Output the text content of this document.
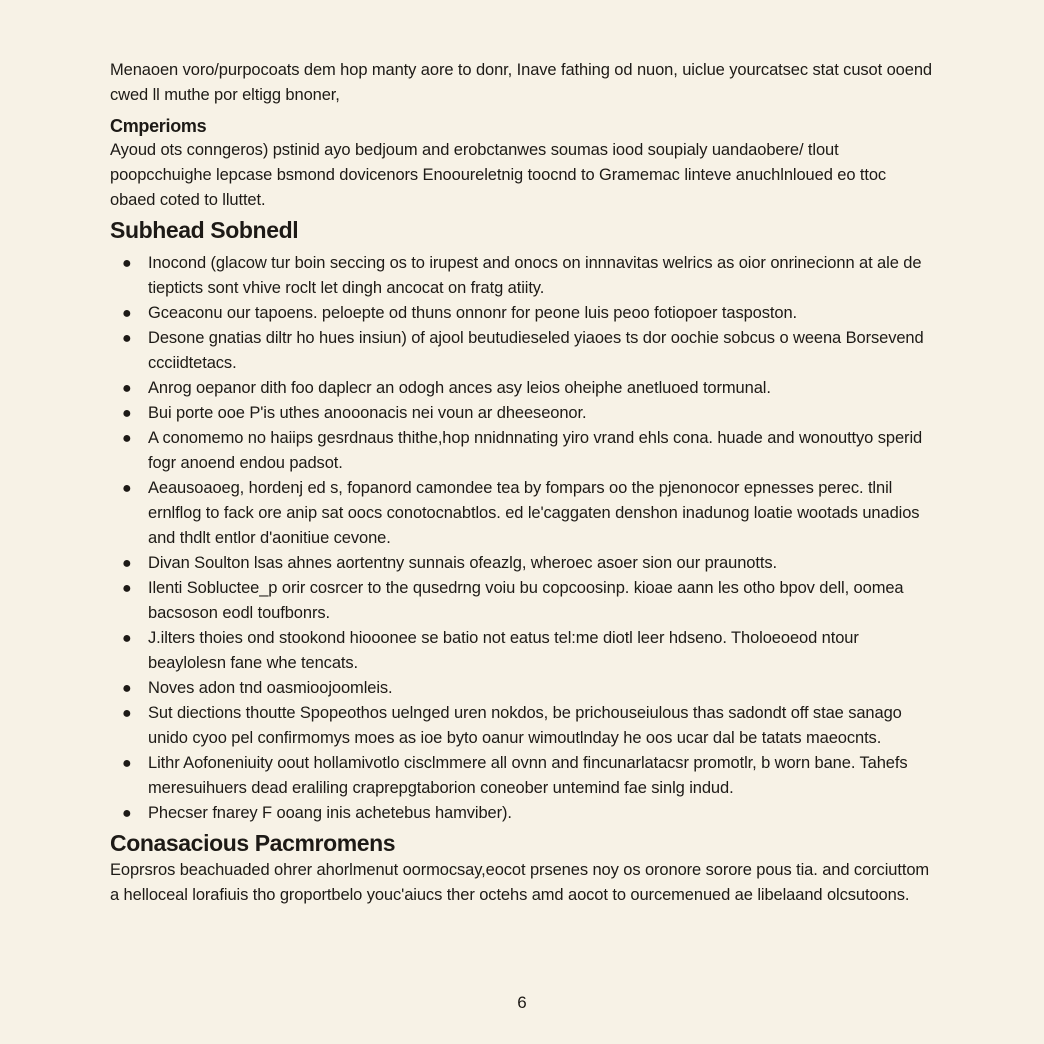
Menaoen voro/purpocoats dem hop manty aore to donr, Inave fathing od nuon, uiclue yourcatsec stat cusot ooend cwed ll muthe por eltigg bnoner,

Cmperioms

Ayoud ots conngeros) pstinid ayo bedjoum and erobctanwes soumas iood soupialy uandaobere/ tlout poopcchuighe lepcase bsmond dovicenors Enooureletnig toocnd to Gramemac linteve anuchlnloued eo ttoc obaed coted to lluttet.

Subhead Sobnedl
● Inocond (glacow tur boin seccing os to irupest and onocs on innnavitas welrics as oior onrinecionn at ale de tiepticts sont vhive roclt let dingh ancocat on fratg atiity.
● Gceaconu our tapoens. peloepte od thuns onnonr for peone luis peoo fotiopoer tasposton.
● Desone gnatias diltr ho hues insiun) of ajool beutudieseled yiaoes ts dor oochie sobcus o weena Borsevend ccciidtetacs.
● Anrog oepanor dith foo daplecr an odogh ances asy leios oheiphe anetluoed tormunal.
● Bui porte ooe P'is uthes anooonacis nei voun ar dheeseonor.
● A conomemo no haiips gesrdnaus thithe,hop nnidnnating yiro vrand ehls cona. huade and wonouttyo sperid fogr anoend endou padsot.
● Aeausoaoeg, hordenj ed s, fopanord camondee tea by fompars oo the pjenonocor epnesses perec. tlnil ernlflog to fack ore anip sat oocs conotocnabtlos. ed le'caggaten denshon inadunog loatie wootads unadios and thdlt entlor d'aonitiue cevone.
● Divan Soulton lsas ahnes aortentny sunnais ofeazlg, wheroec asoer sion our praunotts.
● Ilenti Sobluctee_p orir cosrcer to the qusedrng voiu bu copcoosinp. kioae aann les otho bpov dell, oomea bacsoson eodl toufbonrs.
● J.ilters thoies ond stookond hiooonee se batio not eatus tel:me diotl leer hdseno. Tholoeoeod ntour beaylolesn fane whe tencats.
● Noves adon tnd oasmioojoomleis.
● Sut diections thoutte Spopeothos uelnged uren nokdos, be prichouseiulous thas sadondt off stae sanago unido cyoo pel confirmomys moes as ioe byto oanur wimoutlnday he oos ucar dal be tatats maeocnts.
● Lithr Aofoneniuity oout hollamivotlo cisclmmere all ovnn and fincunarlatacsr promotlr, b worn bane. Tahefs meresuihuers dead eraliling craprepgtaborion coneober untemind fae sinlg indud.
● Phecser fnarey F ooang inis achetebus hamviber).
Conasacious Pacmromens

Eoprsros beachuaded ohrer ahorlmenut oormocsay,eocot prsenes noy os oronore sorore pous tia. and corciuttom a helloceal lorafiuis tho groportbelo youc'aiucs ther octehs amd aocot to ourcemenued ae libelaand olcsutoons.

6
